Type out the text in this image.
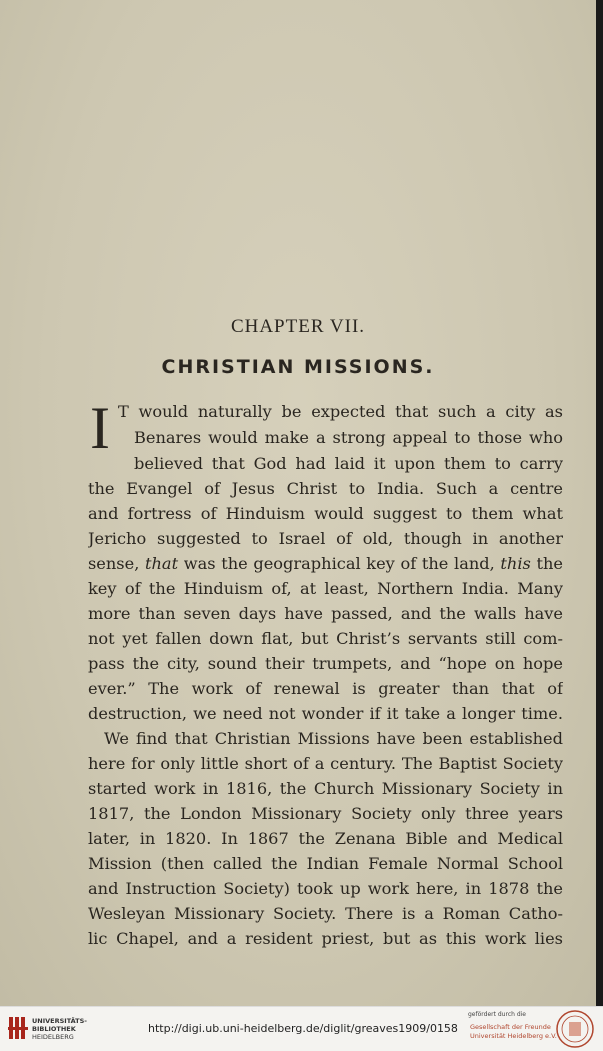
CHAPTER VII.
CHRISTIAN MISSIONS.
I T would naturally be expected that such a city as
Benares would make a strong appeal to those who
believed that God had laid it upon them to carry
the Evangel of Jesus Christ to India. Such a centre
and fortress of Hinduism would suggest to them what
Jericho suggested to Israel of old, though in another
sense, that was the geographical key of the land, this the
key of the Hinduism of, at least, Northern India. Many
more than seven days have passed, and the walls have
not yet fallen down flat, but Christ’s servants still com-
pass the city, sound their trumpets, and “hope on hope
ever.” The work of renewal is greater than that of
destruction, we need not wonder if it take a longer time.
We find that Christian Missions have been established
here for only little short of a century. The Baptist Society
started work in 1816, the Church Missionary Society in
1817, the London Missionary Society only three years
later, in 1820. In 1867 the Zenana Bible and Medical
Mission (then called the Indian Female Normal School
and Instruction Society) took up work here, in 1878 the
Wesleyan Missionary Society. There is a Roman Catho-
lic Chapel, and a resident priest, but as this work lies
UNIVERSITÄTS-
BIBLIOTHEK
HEIDELBERG
http://digi.ub.uni-heidelberg.de/diglit/greaves1909/0158
gefördert durch die
Gesellschaft der Freunde
Universität Heidelberg e.V.
